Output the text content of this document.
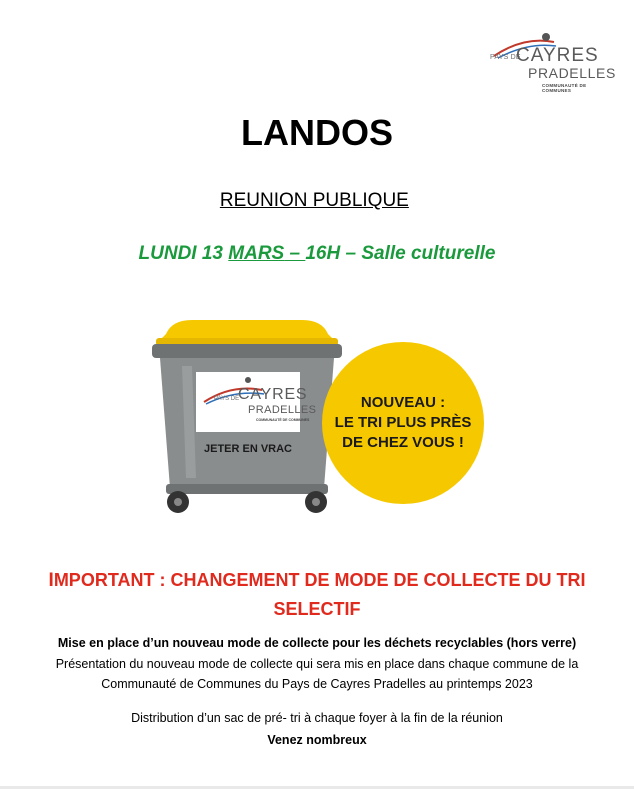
PAYS DE
CAYRES
PRADELLES
COMMUNAUTÉ DE COMMUNES
LANDOS
REUNION PUBLIQUE
LUNDI 13 MARS – 16H – Salle culturelle
PAYS DE
CAYRES
PRADELLES
COMMUNAUTÉ DE COMMUNES
JETER EN VRAC
NOUVEAU :
LE TRI PLUS PRÈS
DE CHEZ VOUS !
IMPORTANT : CHANGEMENT DE MODE DE COLLECTE DU TRI
SELECTIF
Mise en place d’un nouveau mode de collecte pour les déchets recyclables (hors verre)
Présentation du nouveau mode de collecte qui sera mis en place dans chaque commune de la
Communauté de Communes du Pays de Cayres Pradelles au printemps 2023
Distribution d’un sac de pré- tri à chaque foyer à la fin de la réunion
Venez nombreux
